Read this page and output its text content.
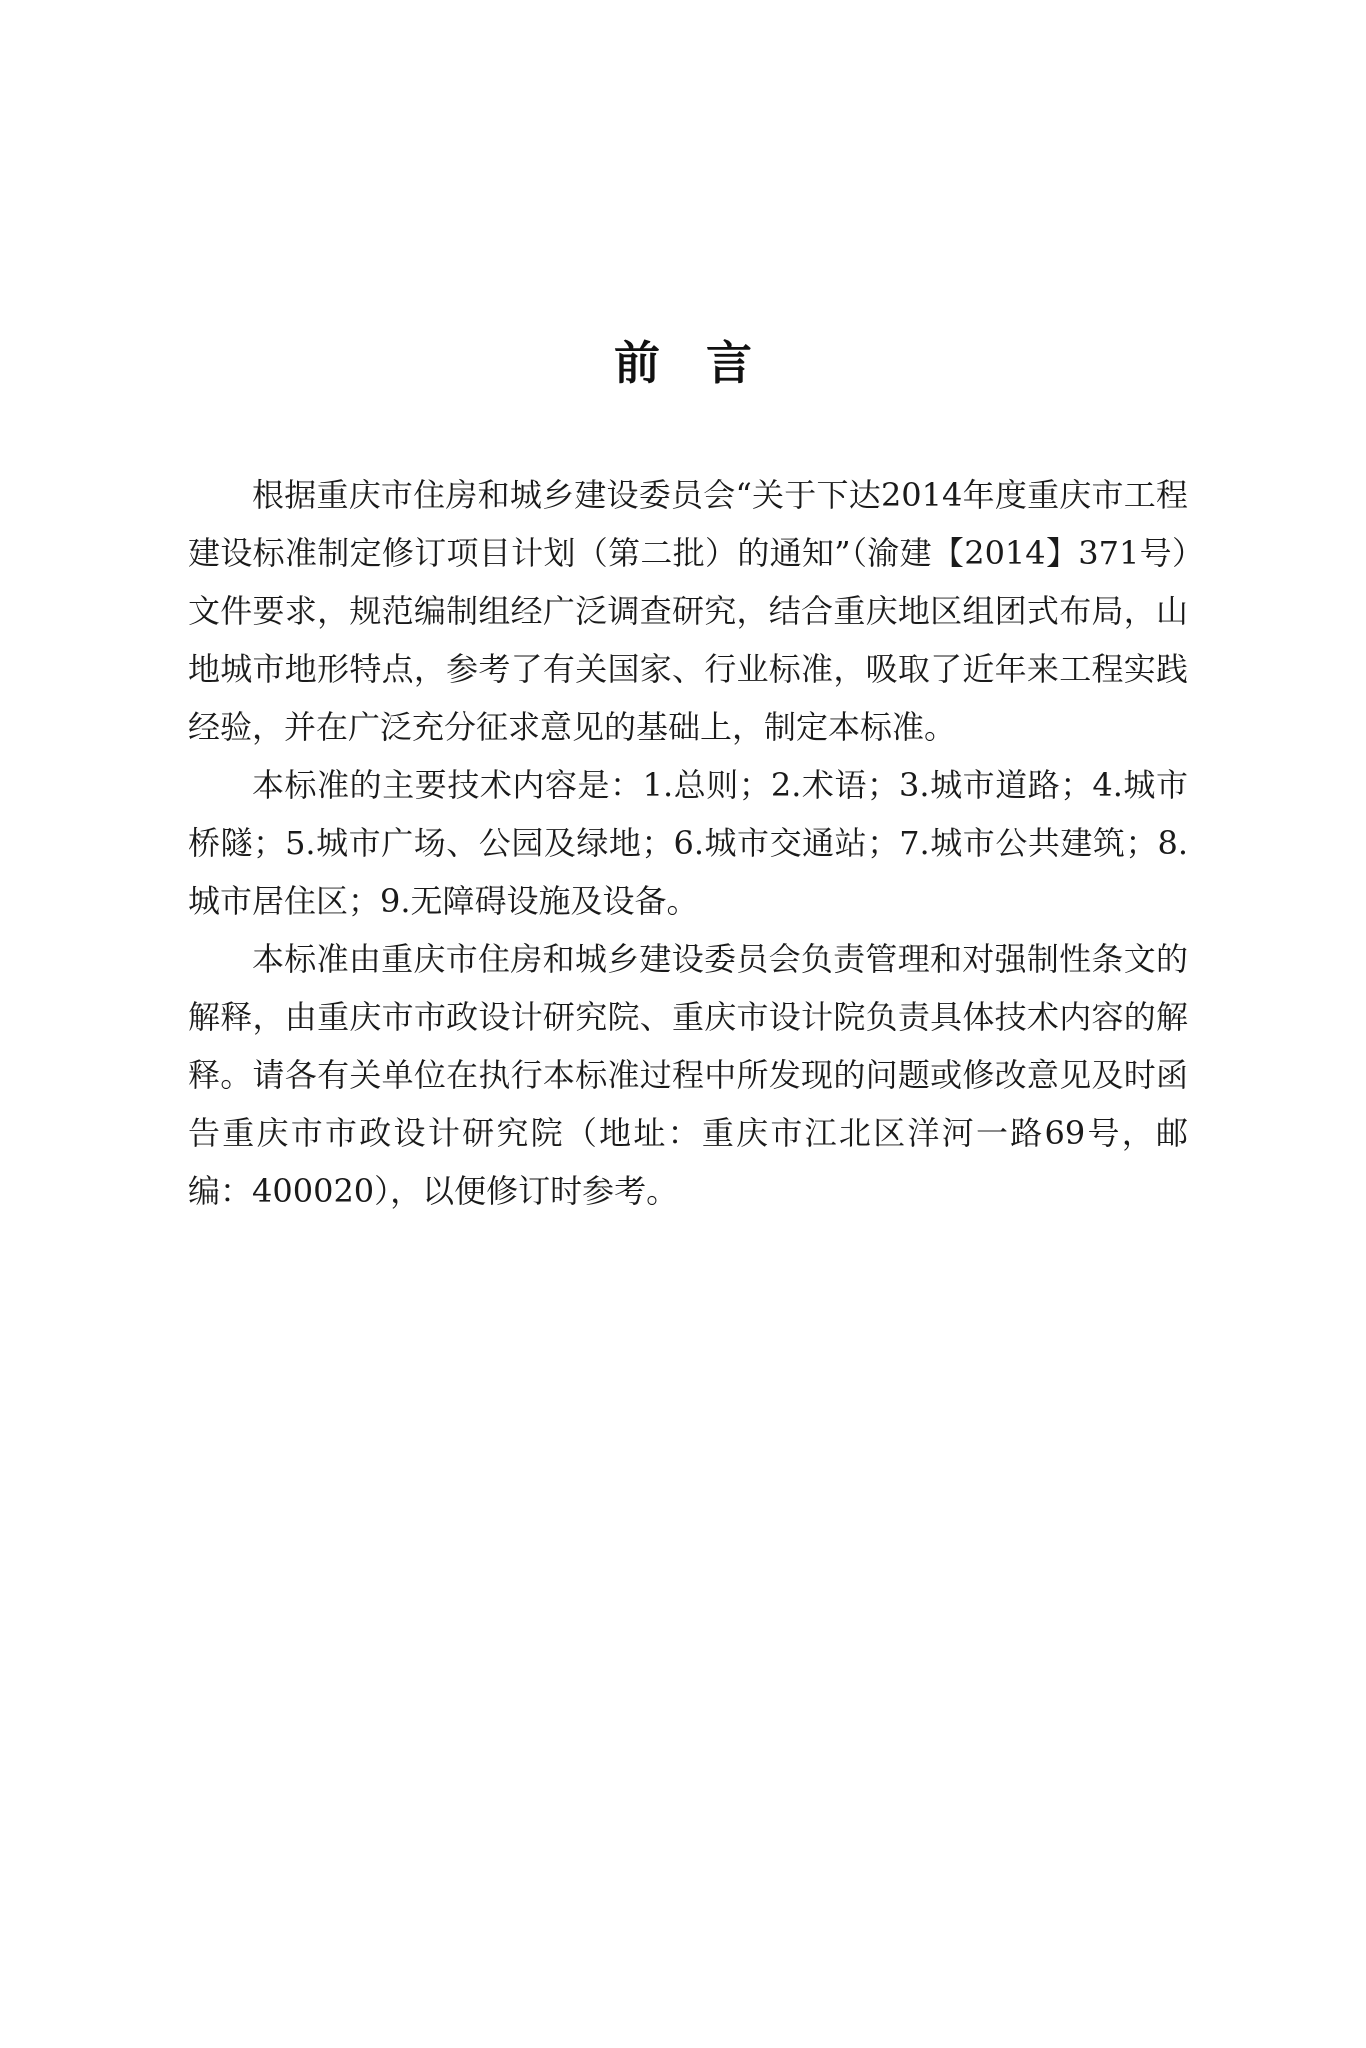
前言

根据重庆市住房和城乡建设委员会“关于下达2014年度重庆市工程建设标准制定修订项目计划（第二批）的通知”（渝建【2014】371号）文件要求，规范编制组经广泛调查研究，结合重庆地区组团式布局，山地城市地形特点，参考了有关国家、行业标准，吸取了近年来工程实践经验，并在广泛充分征求意见的基础上，制定本标准。

本标准的主要技术内容是：1.总则；2.术语；3.城市道路；4.城市桥隧；5.城市广场、公园及绿地；6.城市交通站；7.城市公共建筑；8.城市居住区；9.无障碍设施及设备。

本标准由重庆市住房和城乡建设委员会负责管理和对强制性条文的解释，由重庆市市政设计研究院、重庆市设计院负责具体技术内容的解释。请各有关单位在执行本标准过程中所发现的问题或修改意见及时函告重庆市市政设计研究院（地址：重庆市江北区洋河一路69号，邮编：400020），以便修订时参考。
